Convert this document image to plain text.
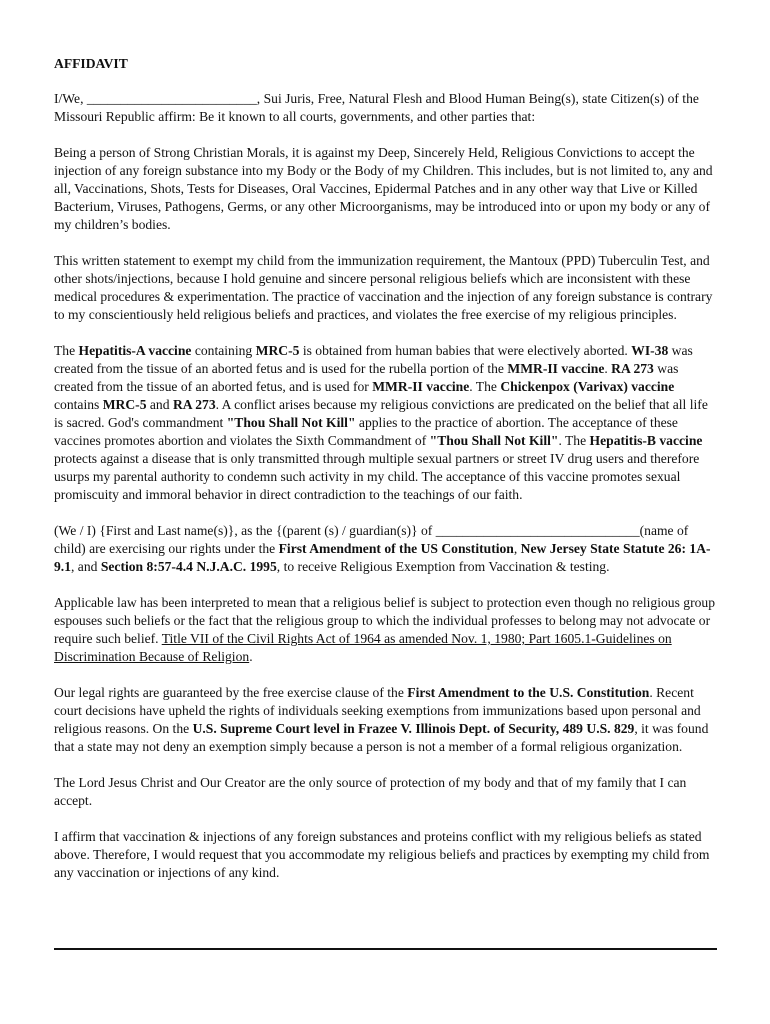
AFFIDAVIT

I/We, _________________________, Sui Juris, Free, Natural Flesh and Blood Human Being(s), state Citizen(s) of the Missouri Republic affirm: Be it known to all courts, governments, and other parties that:

Being a person of Strong Christian Morals, it is against my Deep, Sincerely Held, Religious Convictions to accept the injection of any foreign substance into my Body or the Body of my Children. This includes, but is not limited to, any and all, Vaccinations, Shots, Tests for Diseases, Oral Vaccines, Epidermal Patches and in any other way that Live or Killed Bacterium, Viruses, Pathogens, Germs, or any other Microorganisms, may be introduced into or upon my body or any of my children’s bodies.

This written statement to exempt my child from the immunization requirement, the Mantoux (PPD) Tuberculin Test, and other shots/injections, because I hold genuine and sincere personal religious beliefs which are inconsistent with these medical procedures & experimentation. The practice of vaccination and the injection of any foreign substance is contrary to my conscientiously held religious beliefs and practices, and violates the free exercise of my religious principles.

The Hepatitis-A vaccine containing MRC-5 is obtained from human babies that were electively aborted. WI-38 was created from the tissue of an aborted fetus and is used for the rubella portion of the MMR-II vaccine. RA 273 was created from the tissue of an aborted fetus, and is used for MMR-II vaccine. The Chickenpox (Varivax) vaccine contains MRC-5 and RA 273. A conflict arises because my religious convictions are predicated on the belief that all life is sacred. God's commandment "Thou Shall Not Kill" applies to the practice of abortion. The acceptance of these vaccines promotes abortion and violates the Sixth Commandment of "Thou Shall Not Kill". The Hepatitis-B vaccine protects against a disease that is only transmitted through multiple sexual partners or street IV drug users and therefore usurps my parental authority to condemn such activity in my child. The acceptance of this vaccine promotes sexual promiscuity and immoral behavior in direct contradiction to the teachings of our faith.

(We / I) {First and Last name(s)}, as the {(parent (s) / guardian(s)} of ______________________________(name of child) are exercising our rights under the First Amendment of the US Constitution, New Jersey State Statute 26: 1A-9.1, and Section 8:57-4.4 N.J.A.C. 1995, to receive Religious Exemption from Vaccination & testing.

Applicable law has been interpreted to mean that a religious belief is subject to protection even though no religious group espouses such beliefs or the fact that the religious group to which the individual professes to belong may not advocate or require such belief. Title VII of the Civil Rights Act of 1964 as amended Nov. 1, 1980; Part 1605.1-Guidelines on Discrimination Because of Religion.

Our legal rights are guaranteed by the free exercise clause of the First Amendment to the U.S. Constitution. Recent court decisions have upheld the rights of individuals seeking exemptions from immunizations based upon personal and religious reasons. On the U.S. Supreme Court level in Frazee V. Illinois Dept. of Security, 489 U.S. 829, it was found that a state may not deny an exemption simply because a person is not a member of a formal religious organization.

The Lord Jesus Christ and Our Creator are the only source of protection of my body and that of my family that I can accept.

I affirm that vaccination & injections of any foreign substances and proteins conflict with my religious beliefs as stated above. Therefore, I would request that you accommodate my religious beliefs and practices by exempting my child from any vaccination or injections of any kind.
